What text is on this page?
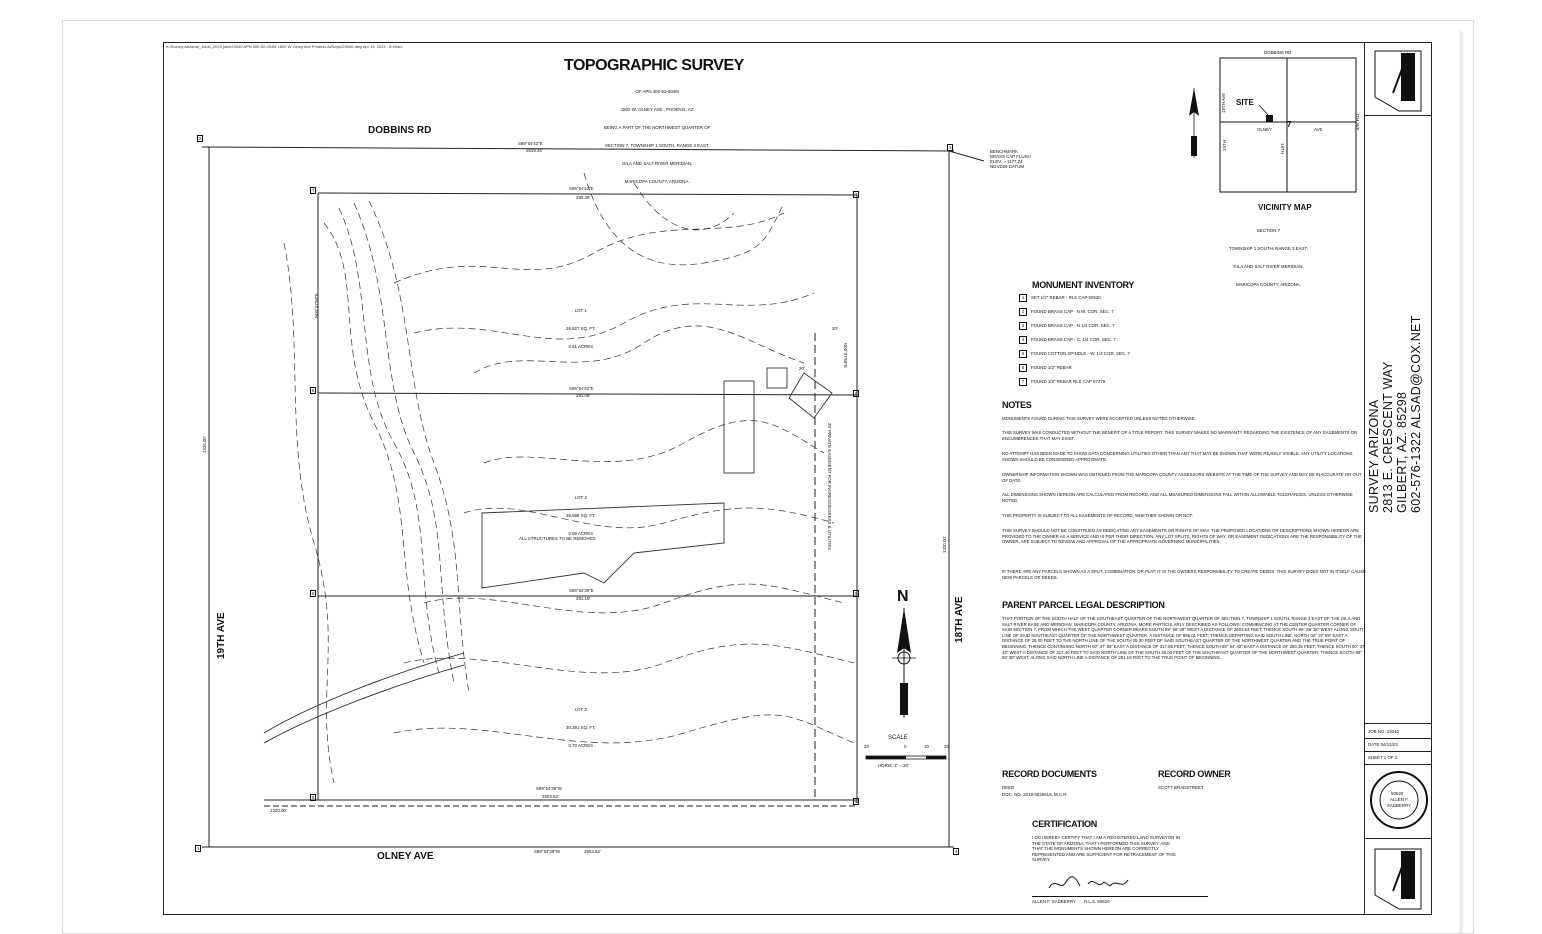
X:\Survey Arizona\_Jobs\_2023 jobs\23040 APN 300-52-004M 1802 W Olney Ave Phoenix AZ\topo\23040.dwg Apr 13, 2023 - 8:49am
TOPOGRAPHIC SURVEY

OF APN 300-52-004M

1802 W. OLNEY AVE., PHOENIX, AZ

BEING A PART OF THE NORTHWEST QUARTER OF

SECTION 7, TOWNSHIP 1 SOUTH, RANGE 3 EAST,

GILA AND SALT RIVER MERIDIAN,

MARICOPA COUNTY, ARIZONA.

DOBBINS RD
OLNEY AVE
19TH AVE	18TH AVE
2
3
1
4
7
7
6
6
5	5
6
6
S89°54'42"E
2619.34'
S89°54'42"E
280.35'
S89°54'42"E
281.08'
S89°54'39"E
281.19'
S89°54'39"W
2603.53'
S89°54'39"W	2603.53'
1320.00'
1320.00'
N00°37'59"E
N00°37'59"E
1320.00'
20' PRIVATE EASEMENT FOR INGRESS/EGRESS & UTILITIES
20'
20'

LOT 1

26,827 SQ. FT.

0.61 ACRES

LOT 2

38,698 SQ. FT.

0.89 ACRES

LOT 3

30,391 SQ. FT.

0.70 ACRES

ALL STRUCTURES TO BE REMOVED
BENCHMARK
BRASS CAP FLUSH
ELEV. = 1177.24
NGVD29 DATUM
N
SCALE
20	0	10	20
HORIZ: 1" = 20'
DOBBINS RD
19TH AVE
OLNEY	AVE	7TH AVE
19TH	19TH
SITE
7
VICINITY MAP

SECTION 7

TOWNSHIP 1 SOUTH, RANGE 3 EAST,

GILA AND SALT RIVER MERIDIAN,

MARICOPA COUNTY, ARIZONA.

MONUMENT INVENTORY
1 SET 1/2" REBAR - RLS CAP 50620
2 FOUND BRASS CAP - N.W. COR. SEC. 7
3 FOUND BRASS CAP - N 1/4 COR. SEC. 7
4 FOUND BRASS CAP - C. 1/4 COR. SEC. 7
5 FOUND COTTON SPINDLE - W. 1/4 COR. SEC. 7
6 FOUND 1/2" REBAR
7 FOUND 1/2" REBAR RLS CAP 57279
NOTES
MONUMENTS FOUND DURING THIS SURVEY WERE ACCEPTED UNLESS NOTED OTHERWISE.
THIS SURVEY WAS CONDUCTED WITHOUT THE BENEFIT OF A TITLE REPORT. THIS SURVEY MAKES NO WARRANTY REGARDING THE EXISTENCE OF ANY EASEMENTS OR ENCUMBRENCES THAT MAY EXIST.
NO ATTEMPT HAS BEEN MADE TO SHOW DATA CONCERNING UTILITIES OTHER THAN ANY THAT MAY BE SHOWN THAT WERE READILY VISIBLE. ANY UTILITY LOCATIONS SHOWN SHOULD BE CONSIDERED APPROXIMATE.
OWNERSHIP INFORMATION SHOWN WAS OBTAINED FROM THE MARICOPA COUNTY ASSESSORS WEBSITE AT THE TIME OF THE SURVEY AND MAY BE INACCURATE OR OUT OF DATE.
ALL DIMENSIONS SHOWN HEREON ARE CALCULATED FROM RECORD, AND ALL MEASURED DIMENSIONS FALL WITHIN ALLOWABLE TOLERANCES, UNLESS OTHERWISE NOTED.
THIS PROPERTY IS SUBJECT TO ALL EASEMENTS OF RECORD, WHETHER SHOWN OR NOT.
THIS SURVEY SHOULD NOT BE CONSTRUED AS DEDICATING ANY EASEMENTS OR RIGHTS OF WAY. THE PROPOSED LOCATIONS OR DESCRIPTIONS SHOWN HEREON ARE PROVIDED TO THE OWNER AS A SERVICE AND IS PER THEIR DIRECTION. ANY LOT SPLITS, RIGHTS OF WAY, OR EASEMENT DEDICATIONS ARE THE RESPONSIBILITY OF THE OWNER, ARE SUBJECT TO REVIEW AND APPROVAL OF THE APPROPRIATE GOVERNING MUNICIPALITIES.
IF THERE ARE ANY PARCELS SHOWN AS A SPLIT, COMBINATION, OR PLAT, IT IS THE OWNERS RESPONSIBILITY TO CREATE DEEDS. THIS SURVEY DOES NOT IN ITSELF CAUSE NEW PARCELS OR DEEDS.
PARENT PARCEL LEGAL DESCRIPTION
THAT PORTION OF THE SOUTH HALF OF THE SOUTHEAST QUARTER OF THE NORTHWEST QUARTER OF SECTION 7, TOWNSHIP 1 SOUTH, RANGE 3 EAST OF THE GILA AND SALT RIVER BASE AND MERIDIAN, MARICOPA COUNTY, ARIZONA, MORE PARTICULARLY DESCRIBED AS FOLLOWS: COMMENCING AT THE CENTER QUARTER CORNER OF SAID SECTION 7, FROM WHICH THE WEST QUARTER CORNER BEARS SOUTH 89° 58' 38" WEST A DISTANCE OF 2603.53 FEET; THENCE SOUTH 89° 58' 38" WEST ALONG SOUTH LINE OF SAID SOUTHEAST QUARTER OF THE NORTHWEST QUARTER, A DISTANCE OF 885.01 FEET; THENCE DEPARTING SAID SOUTH LINE, NORTH 00° 37' 59" EAST A DISTANCE OF 25.00 FEET TO THE NORTH LINE OF THE SOUTH 25.00 FEET OF SAID SOUTHEAST QUARTER OF THE NORTHWEST QUARTER AND THE TRUE POINT OF BEGINNING; THENCE CONTINUING NORTH 00° 37' 59" EAST A DISTANCE OF 317.85 FEET; THENCE SOUTH 89° 54' 42" EAST A DISTANCE OF 280.35 FEET; THENCE SOUTH 00° 37' 32" WEST A DISTANCE OF 317.40 FEET TO SAID NORTH LINE OF THE SOUTH 25.00 FEET OF THE SOUTHEAST QUARTER OF THE NORTHWEST QUARTER; THENCE SOUTH 89° 58' 38" WEST, ALONG SAID NORTH LINE A DISTANCE OF 281.19 FEET TO THE TRUE POINT OF BEGINNING.
RECORD DOCUMENTS
DEED
DOC. NO. 2018-0526619, M.C.R.
RECORD OWNER
SCOTT BRADSTREET
CERTIFICATION
I DO HEREBY CERTIFY THAT I AM A REGISTERED LAND SURVEYOR IN
THE STATE OF ARIZONA, THAT I PERFORMED THIS SURVEY, AND
THAT THE MONUMENTS SHOWN HEREON ARE CORRECTLY
REPRESENTED AND ARE SUFFICIENT FOR RETRACEMENT OF THIS
SURVEY.
ALLEN F. SADBERRY R.L.S. 50620
SURVEY ARIZONA 2813 E. CRESCENT WAY GILBERT, AZ. 85298 602-576-1322 ALSAD@COX.NET
JOB NO. 23040
DATE 04/12/23
SHEET 1 OF 1
50620
ALLEN F.
SADBERRY
